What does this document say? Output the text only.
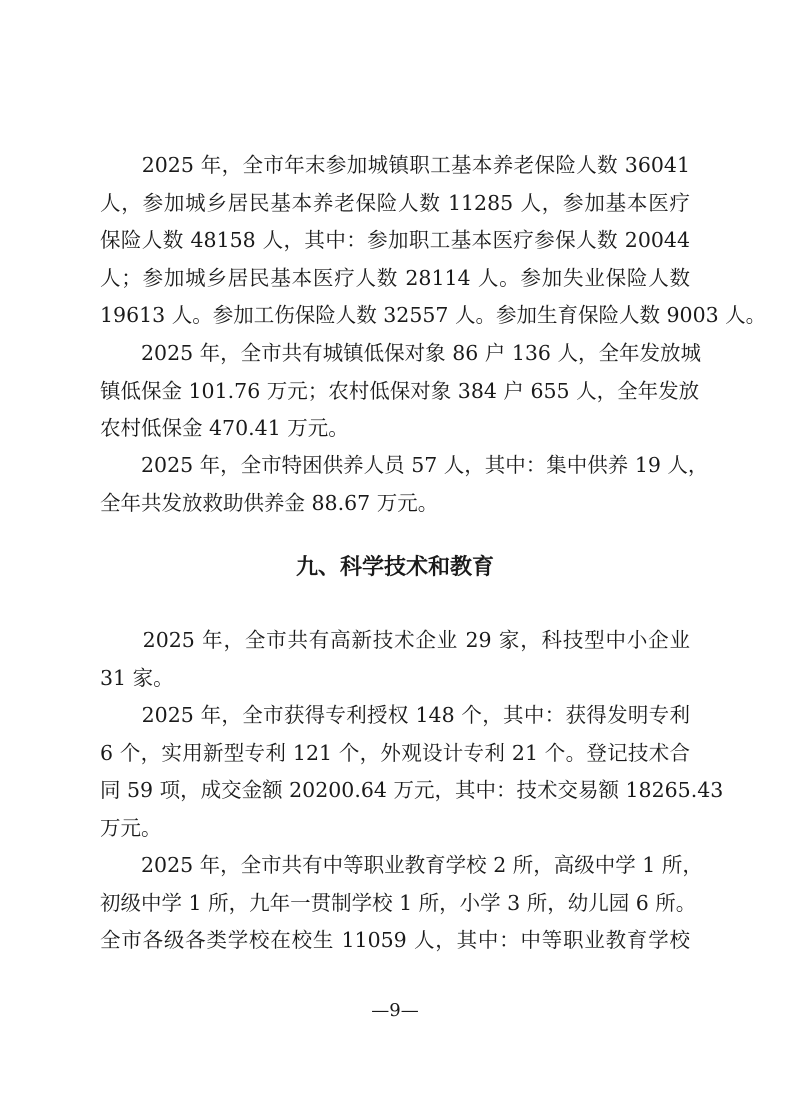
　　2025 年，全市年末参加城镇职工基本养老保险人数 36041
人，参加城乡居民基本养老保险人数 11285 人，参加基本医疗
保险人数 48158 人，其中：参加职工基本医疗参保人数 20044
人；参加城乡居民基本医疗人数 28114 人。参加失业保险人数
19613 人。参加工伤保险人数 32557 人。参加生育保险人数 9003 人。
　　2025 年，全市共有城镇低保对象 86 户 136 人，全年发放城
镇低保金 101.76 万元；农村低保对象 384 户 655 人，全年发放
农村低保金 470.41 万元。
　　2025 年，全市特困供养人员 57 人，其中：集中供养 19 人，
全年共发放救助供养金 88.67 万元。
九、科学技术和教育
　　2025 年，全市共有高新技术企业 29 家，科技型中小企业
31 家。
　　2025 年，全市获得专利授权 148 个，其中：获得发明专利
6 个，实用新型专利 121 个，外观设计专利 21 个。登记技术合
同 59 项，成交金额 20200.64 万元，其中：技术交易额 18265.43
万元。
　　2025 年，全市共有中等职业教育学校 2 所，高级中学 1 所，
初级中学 1 所，九年一贯制学校 1 所，小学 3 所，幼儿园 6 所。
全市各级各类学校在校生 11059 人，其中：中等职业教育学校
—9—
